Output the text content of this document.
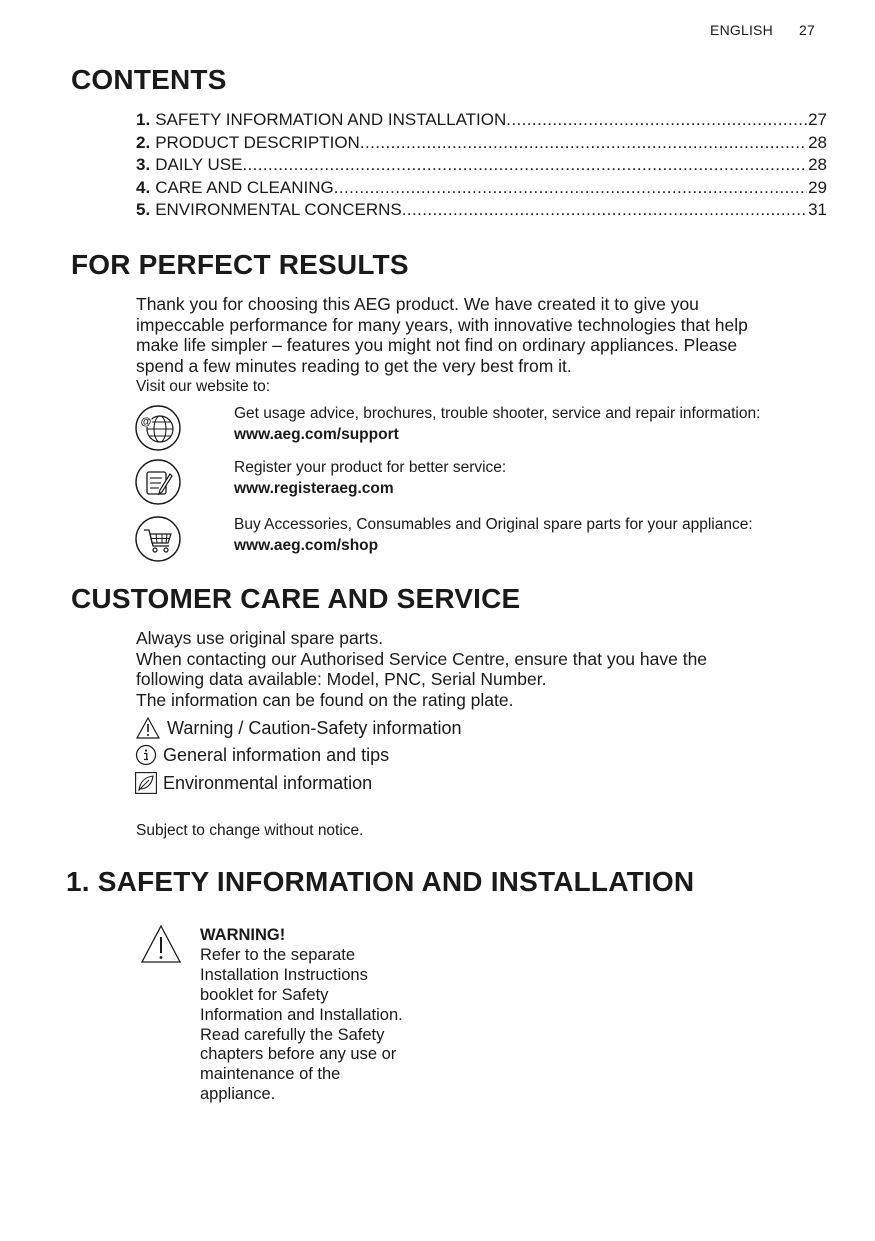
ENGLISH 27
CONTENTS
1. SAFETY INFORMATION AND INSTALLATION .....	27
2. PRODUCT DESCRIPTION .....	28
3. DAILY USE .....	28
4. CARE AND CLEANING .....	29
5. ENVIRONMENTAL CONCERNS .....	31
FOR PERFECT RESULTS
Thank you for choosing this AEG product. We have created it to give you
impeccable performance for many years, with innovative technologies that help
make life simpler – features you might not find on ordinary appliances. Please
spend a few minutes reading to get the very best from it.
Visit our website to:
@	Get usage advice, brochures, trouble shooter, service and repair information:
www.aeg.com/support
Register your product for better service:
www.registeraeg.com
Buy Accessories, Consumables and Original spare parts for your appliance:
www.aeg.com/shop
CUSTOMER CARE AND SERVICE
Always use original spare parts.
When contacting our Authorised Service Centre, ensure that you have the
following data available: Model, PNC, Serial Number.
The information can be found on the rating plate.
Warning / Caution-Safety information
General information and tips
Environmental information
Subject to change without notice.
1. SAFETY INFORMATION AND INSTALLATION
WARNING!
Refer to the separate
Installation Instructions
booklet for Safety
Information and Installation.
Read carefully the Safety
chapters before any use or
maintenance of the
appliance.
